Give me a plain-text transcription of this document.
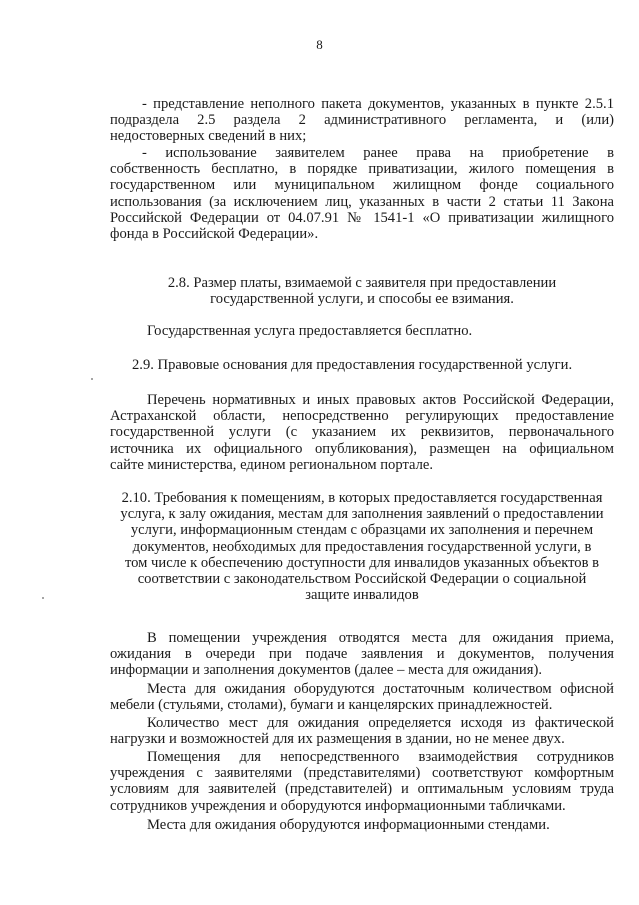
8
- представление неполного пакета документов, указанных в пункте 2.5.1
подраздела 2.5 раздела 2 административного регламента, и (или)
недостоверных сведений в них;
- использование заявителем ранее права на приобретение в
собственность бесплатно, в порядке приватизации, жилого помещения в
государственном или муниципальном жилищном фонде социального
использования (за исключением лиц, указанных в части 2 статьи 11 Закона
Российской Федерации от 04.07.91 № 1541-1 «О приватизации жилищного
фонда в Российской Федерации».
2.8. Размер платы, взимаемой с заявителя при предоставлении
государственной услуги, и способы ее взимания.
Государственная услуга предоставляется бесплатно.
2.9. Правовые основания для предоставления государственной услуги.
Перечень нормативных и иных правовых актов Российской Федерации,
Астраханской области, непосредственно регулирующих предоставление
государственной услуги (с указанием их реквизитов, первоначального
источника их официального опубликования), размещен на официальном
сайте министерства, едином региональном портале.
2.10. Требования к помещениям, в которых предоставляется государственная
услуга, к залу ожидания, местам для заполнения заявлений о предоставлении
услуги, информационным стендам с образцами их заполнения и перечнем
документов, необходимых для предоставления государственной услуги, в
том числе к обеспечению доступности для инвалидов указанных объектов в
соответствии с законодательством Российской Федерации о социальной
защите инвалидов
В помещении учреждения отводятся места для ожидания приема,
ожидания в очереди при подаче заявления и документов, получения
информации и заполнения документов (далее – места для ожидания).
Места для ожидания оборудуются достаточным количеством офисной
мебели (стульями, столами), бумаги и канцелярских принадлежностей.
Количество мест для ожидания определяется исходя из фактической
нагрузки и возможностей для их размещения в здании, но не менее двух.
Помещения для непосредственного взаимодействия сотрудников
учреждения с заявителями (представителями) соответствуют комфортным
условиям для заявителей (представителей) и оптимальным условиям труда
сотрудников учреждения и оборудуются информационными табличками.
Места для ожидания оборудуются информационными стендами.
